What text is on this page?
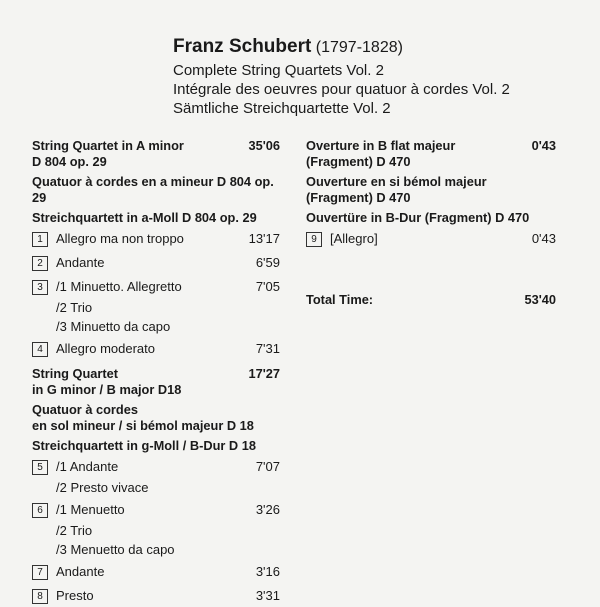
Franz Schubert (1797-1828)
Complete String Quartets Vol. 2
Intégrale des oeuvres pour quatuor à cordes Vol. 2
Sämtliche Streichquartette Vol. 2
String Quartet in A minor	35'06
D 804 op. 29
Quatuor à cordes en a mineur D 804 op. 29
Streichquartett in a-Moll D 804 op. 29
1	Allegro ma non troppo	13'17
2	Andante	6'59
3	/1 Minuetto. Allegretto	7'05
/2 Trio
/3 Minuetto da capo
4	Allegro moderato	7'31
String Quartet	17'27
in G minor / B major D18
Quatuor à cordes
en sol mineur / si bémol majeur D 18
Streichquartett in g-Moll / B-Dur D 18
5	/1 Andante	7'07
/2 Presto vivace
6	/1 Menuetto	3'26
/2 Trio
/3 Menuetto da capo
7	Andante	3'16
8	Presto	3'31
Overture in B flat majeur	0'43
(Fragment) D 470
Ouverture en si bémol majeur
(Fragment) D 470
Ouvertüre in B-Dur (Fragment) D 470
9	[Allegro]	0'43
Total Time:	53'40
